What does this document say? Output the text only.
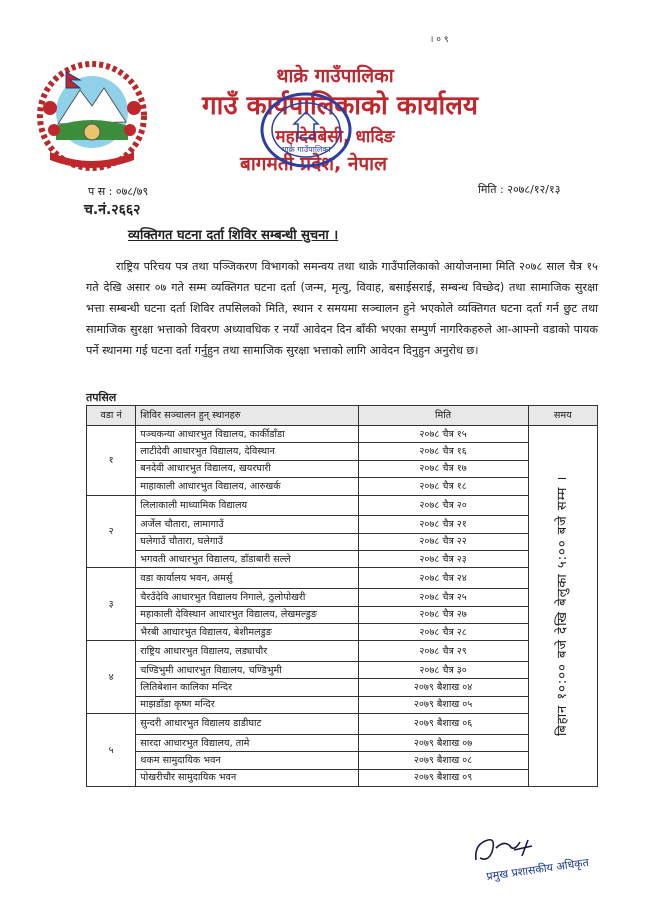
। ० ९
थाक्रे गाउँपालिका
गाउँ कार्यपालिकाको कार्यालय
महादेवबेसी, धादिङ
बागमती प्रदेश, नेपाल
थाक्रे गाउँपालिका
प स : ०७८/७९
च.नं.२६६२
मिति : २०७८/१२/१३
व्यक्तिगत घटना दर्ता शिविर सम्बन्धी सुचना ।
राष्ट्रिय परिचय पत्र तथा पञ्जिकरण विभागको समन्वय तथा थाक्रे गाउँपालिकाको आयोजनामा मिति २०७८ साल चैत्र १५ गते देखि असार ०७ गते सम्म व्यक्तिगत घटना दर्ता (जन्म, मृत्यु, विवाह, बसाईसराई, सम्बन्ध विच्छेद) तथा सामाजिक सुरक्षा भत्ता सम्बन्धी घटना दर्ता शिविर तपसिलको मिति, स्थान र समयमा सञ्चालन हुने भएकोले व्यक्तिगत घटना दर्ता गर्न छुट तथा सामाजिक सुरक्षा भत्ताको विवरण अध्यावधिक र नयाँ आवेदन दिन बाँकी भएका सम्पुर्ण नागरिकहरुले आ-आफ्नो वडाको पायक पर्ने स्थानमा गई घटना दर्ता गर्नुहुन तथा सामाजिक सुरक्षा भत्ताको लागि आवेदन दिनुहुन अनुरोध छ।
तपसिल
वडा नं	शिविर सञ्चालन हुन् स्थानहरु	मिति	समय
१	पञ्चकन्या आधारभुत विद्यालय, कार्कीडाँडा	२०७८ चैत्र १५	बिहान १०:०० बजे देखि बेलुका ५:०० बजे सम्म ।

	लाटीदेवी आधारभुत विद्यालय, देविस्थान	२०७८ चैत्र १६	
	बनदेवी आधारभुत विद्यालय, खयरघारी	२०७८ चैत्र १७	
	माहाकाली आधारभुत विद्यालय, आरुखर्क	२०७८ चैत्र १८	
२	लिलाकाली माध्यामिक विद्यालय	२०७८ चैत्र २०	
	अर्जेल चौतारा, लामागाउँ	२०७८ चैत्र २१	
	घलेगाउँ चौतारा, घलेगाउँ	२०७८ चैत्र २२	
	भगवती आधारभुत विद्यालय, डाँडाबारी सल्ले	२०७८ चैत्र २३	
३	वडा कार्यालय भवन, अमर्सु	२०७८ चैत्र २४	
	चैरउँदेवि आधारभुत विद्यालय निगाले, ठुलोपोखरी	२०७८ चैत्र २५	
	महाकाली देविस्थान आधारभुत विद्यालय, लेखमल्डुङ	२०७८ चैत्र २७	
	भैरबी आधारभुत विद्यालय, बेशीमलडुङ	२०७८ चैत्र २८	
४	राष्ट्रिय आधारभुत विद्यालय, लड्याचौर	२०७८ चैत्र २९	
	चण्डिभुमी आधारभुत विद्यालय, चण्डिभुमी	२०७८ चैत्र ३०	
	लितिबेशान कालिका मन्दिर	२०७९ बैशाख ०४	
	माझडाँडा कृष्ण मन्दिर	२०७९ बैशाख ०५	
५	सुन्दरी आधारभुत विद्यालय डाडीघाट	२०७९ बैशाख ०६	
	सारदा आधारभुत विद्यालय, तामे	२०७९ बैशाख ०७	
	थकम सामुदायिक भवन	२०७९ बैशाख ०८	
	पोखरीचौर सामुदायिक भवन	२०७९ बैशाख ०९	
प्रमुख प्रशासकीय अधिकृत
